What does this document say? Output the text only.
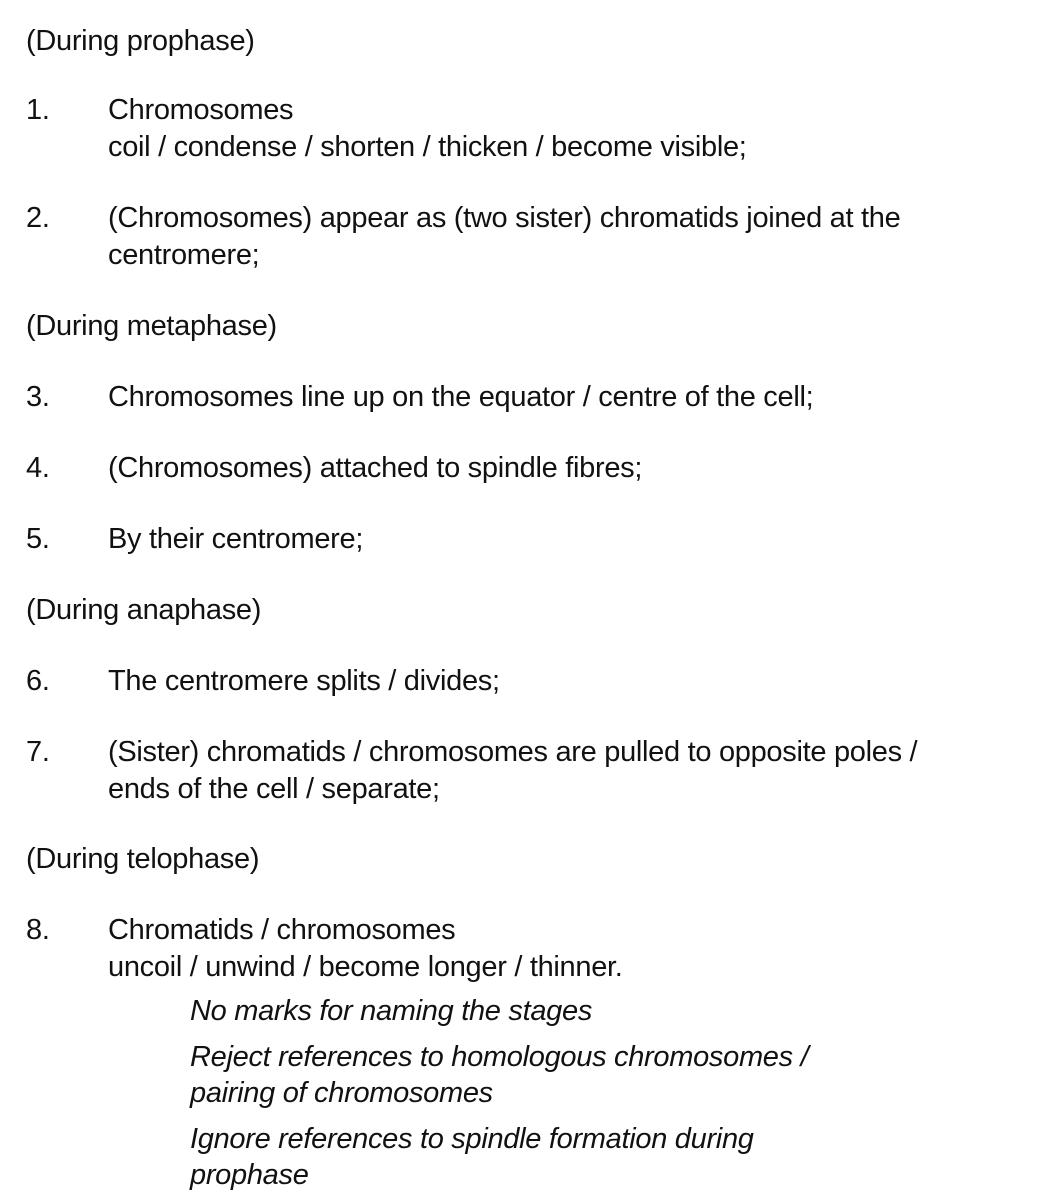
(During prophase)
1.	Chromosomes
coil / condense / shorten / thicken / become visible;
2.	(Chromosomes) appear as (two sister) chromatids joined at the
centromere;
(During metaphase)
3.	Chromosomes line up on the equator / centre of the cell;
4.	(Chromosomes) attached to spindle fibres;
5.	By their centromere;
(During anaphase)
6.	The centromere splits / divides;
7.	(Sister) chromatids / chromosomes are pulled to opposite poles /
ends of the cell / separate;
(During telophase)
8.	Chromatids / chromosomes
uncoil / unwind / become longer / thinner.
No marks for naming the stages
Reject references to homologous chromosomes /
pairing of chromosomes
Ignore references to spindle formation during
prophase
